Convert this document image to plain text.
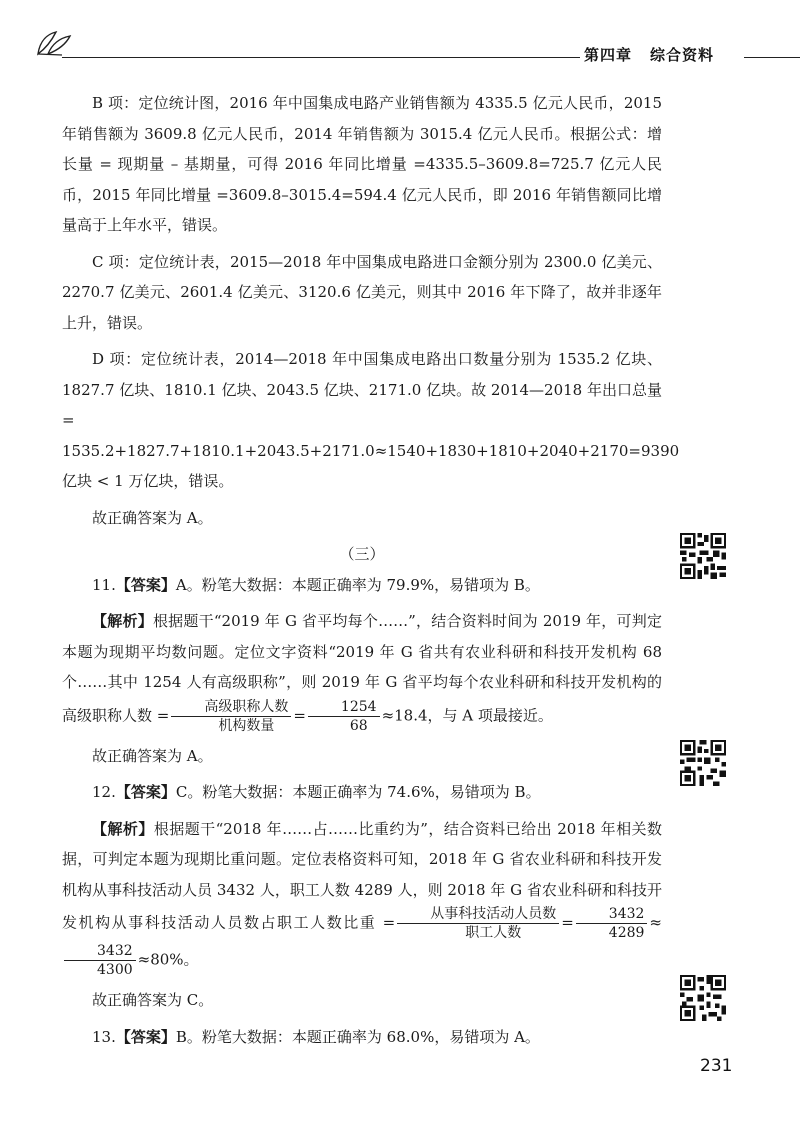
第四章 综合资料

B 项：定位统计图，2016 年中国集成电路产业销售额为 4335.5 亿元人民币，2015 年销售额为 3609.8 亿元人民币，2014 年销售额为 3015.4 亿元人民币。根据公式：增长量 = 现期量 – 基期量，可得 2016 年同比增量 =4335.5–3609.8=725.7 亿元人民币，2015 年同比增量 =3609.8–3015.4=594.4 亿元人民币，即 2016 年销售额同比增量高于上年水平，错误。

C 项：定位统计表，2015—2018 年中国集成电路进口金额分别为 2300.0 亿美元、2270.7 亿美元、2601.4 亿美元、3120.6 亿美元，则其中 2016 年下降了，故并非逐年上升，错误。

D 项：定位统计表，2014—2018 年中国集成电路出口数量分别为 1535.2 亿块、1827.7 亿块、1810.1 亿块、2043.5 亿块、2171.0 亿块。故 2014—2018 年出口总量 = 1535.2+1827.7+1810.1+2043.5+2171.0≈1540+1830+1810+2040+2170=9390 亿块 < 1 万亿块，错误。

故正确答案为 A。

（三）

11.【答案】A。粉笔大数据：本题正确率为 79.9%，易错项为 B。

【解析】根据题干“2019 年 G 省平均每个……”，结合资料时间为 2019 年，可判定本题为现期平均数问题。定位文字资料“2019 年 G 省共有农业科研和科技开发机构 68 个……其中 1254 人有高级职称”，则 2019 年 G 省平均每个农业科研和科技开发机构的高级职称人数 = $\frac{\text{高级职称人数}}{\text{机构数量}} = \frac{1254}{68} \approx 18.4$，与 A 项最接近。

故正确答案为 A。

12.【答案】C。粉笔大数据：本题正确率为 74.6%，易错项为 B。

【解析】根据题干“2018 年……占……比重约为”，结合资料已给出 2018 年相关数据，可判定本题为现期比重问题。定位表格资料可知，2018 年 G 省农业科研和科技开发机构从事科技活动人员 3432 人，职工人数 4289 人，则 2018 年 G 省农业科研和科技开发机构从事科技活动人员数占职工人数比重 = $\frac{\text{从事科技活动人员数}}{\text{职工人数}} = \frac{3432}{4289}$ ≈
$\frac{3432}{4300} \approx 80\%$。

故正确答案为 C。

13.【答案】B。粉笔大数据：本题正确率为 68.0%，易错项为 A。

231
